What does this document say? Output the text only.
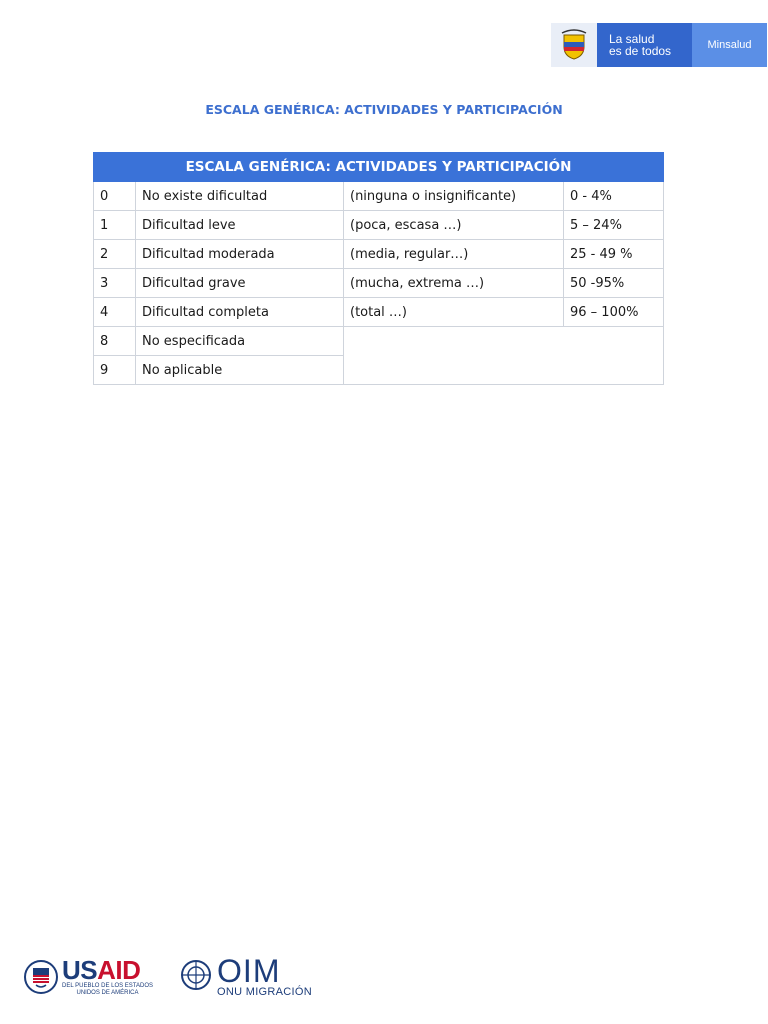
La salud
es de todos	Minsalud
ESCALA GENÉRICA: ACTIVIDADES Y PARTICIPACIÓN
ESCALA GENÉRICA: ACTIVIDADES Y PARTICIPACIÓN			
0	No existe dificultad	(ninguna o insignificante)	0 - 4%
1	Dificultad leve	(poca, escasa …)	5 – 24%
2	Dificultad moderada	(media, regular…)	25 - 49 %
3	Dificultad grave	(mucha, extrema …)	50 -95%
4	Dificultad completa	(total …)	96 – 100%
8	No especificada		
9	No aplicable		
USAID
DEL PUEBLO DE LOS ESTADOS
UNIDOS DE AMÉRICA
OIM
ONU MIGRACIÓN
